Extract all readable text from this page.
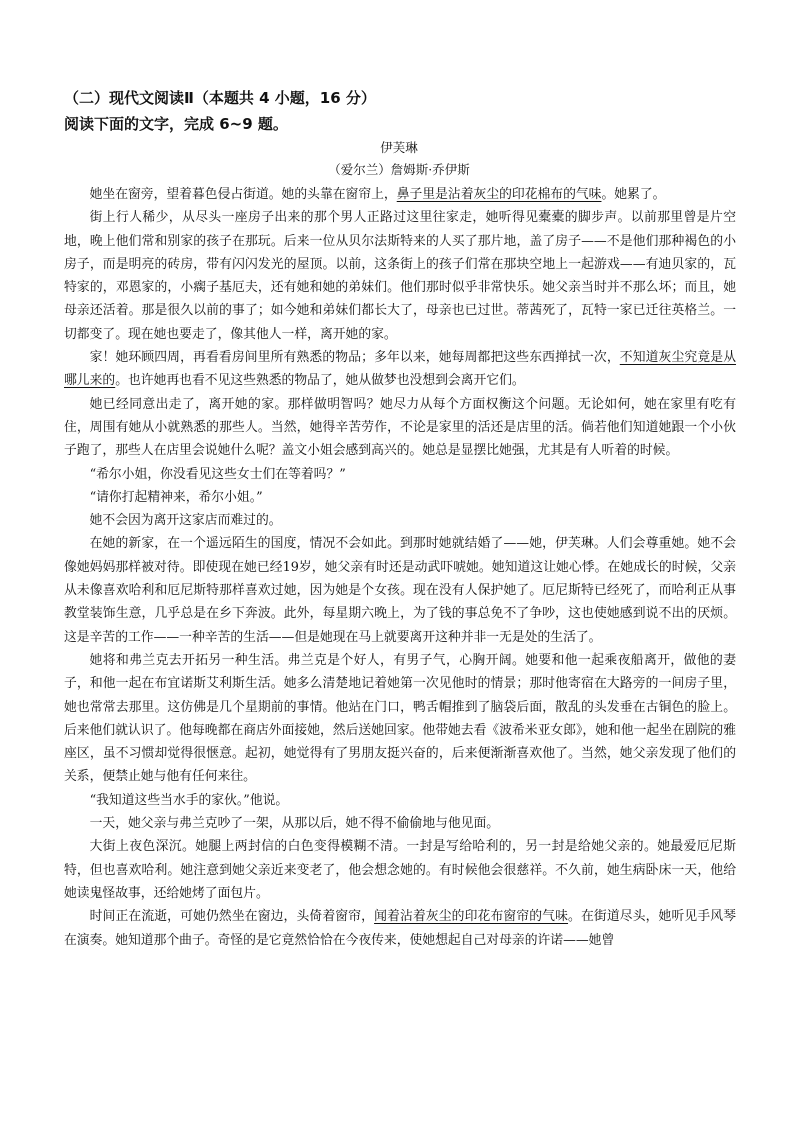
（二）现代文阅读Ⅱ（本题共 4 小题，16 分）
阅读下面的文字，完成 6~9 题。
伊芙琳
（爱尔兰）詹姆斯·乔伊斯

她坐在窗旁，望着暮色侵占街道。她的头靠在窗帘上，鼻子里是沾着灰尘的印花棉布的气味。她累了。

街上行人稀少，从尽头一座房子出来的那个男人正路过这里往家走，她听得见橐橐的脚步声。以前那里曾是片空地，晚上他们常和别家的孩子在那玩。后来一位从贝尔法斯特来的人买了那片地，盖了房子——不是他们那种褐色的小房子，而是明亮的砖房，带有闪闪发光的屋顶。以前，这条街上的孩子们常在那块空地上一起游戏——有迪贝家的，瓦特家的，邓恩家的，小瘸子基厄夫，还有她和她的弟妹们。他们那时似乎非常快乐。她父亲当时并不那么坏；而且，她母亲还活着。那是很久以前的事了；如今她和弟妹们都长大了，母亲也已过世。蒂茜死了，瓦特一家已迁往英格兰。一切都变了。现在她也要走了，像其他人一样，离开她的家。

家！她环顾四周，再看看房间里所有熟悉的物品；多年以来，她每周都把这些东西掸拭一次，不知道灰尘究竟是从哪儿来的。也许她再也看不见这些熟悉的物品了，她从做梦也没想到会离开它们。

她已经同意出走了，离开她的家。那样做明智吗？她尽力从每个方面权衡这个问题。无论如何，她在家里有吃有住，周围有她从小就熟悉的那些人。当然，她得辛苦劳作，不论是家里的活还是店里的活。倘若他们知道她跟一个小伙子跑了，那些人在店里会说她什么呢？盖文小姐会感到高兴的。她总是显摆比她强，尤其是有人听着的时候。

“希尔小姐，你没看见这些女士们在等着吗？”

“请你打起精神来，希尔小姐。”

她不会因为离开这家店而难过的。

在她的新家，在一个遥远陌生的国度，情况不会如此。到那时她就结婚了——她，伊芙琳。人们会尊重她。她不会像她妈妈那样被对待。即使现在她已经19岁，她父亲有时还是动武吓唬她。她知道这让她心悸。在她成长的时候，父亲从未像喜欢哈利和厄尼斯特那样喜欢过她，因为她是个女孩。现在没有人保护她了。厄尼斯特已经死了，而哈利正从事教堂装饰生意，几乎总是在乡下奔波。此外，每星期六晚上，为了钱的事总免不了争吵，这也使她感到说不出的厌烦。这是辛苦的工作——一种辛苦的生活——但是她现在马上就要离开这种并非一无是处的生活了。

她将和弗兰克去开拓另一种生活。弗兰克是个好人，有男子气，心胸开阔。她要和他一起乘夜船离开，做他的妻子，和他一起在布宜诺斯艾利斯生活。她多么清楚地记着她第一次见他时的情景；那时他寄宿在大路旁的一间房子里，她也常常去那里。这仿佛是几个星期前的事情。他站在门口，鸭舌帽推到了脑袋后面，散乱的头发垂在古铜色的脸上。后来他们就认识了。他每晚都在商店外面接她，然后送她回家。他带她去看《波希米亚女郎》，她和他一起坐在剧院的雅座区，虽不习惯却觉得很惬意。起初，她觉得有了男朋友挺兴奋的，后来便渐渐喜欢他了。当然，她父亲发现了他们的关系，便禁止她与他有任何来往。

“我知道这些当水手的家伙。”他说。

一天，她父亲与弗兰克吵了一架，从那以后，她不得不偷偷地与他见面。

大街上夜色深沉。她腿上两封信的白色变得模糊不清。一封是写给哈利的，另一封是给她父亲的。她最爱厄尼斯特，但也喜欢哈利。她注意到她父亲近来变老了，他会想念她的。有时候他会很慈祥。不久前，她生病卧床一天，他给她读鬼怪故事，还给她烤了面包片。

时间正在流逝，可她仍然坐在窗边，头倚着窗帘，闻着沾着灰尘的印花布窗帘的气味。在街道尽头，她听见手风琴在演奏。她知道那个曲子。奇怪的是它竟然恰恰在今夜传来，使她想起自己对母亲的许诺——她曾
